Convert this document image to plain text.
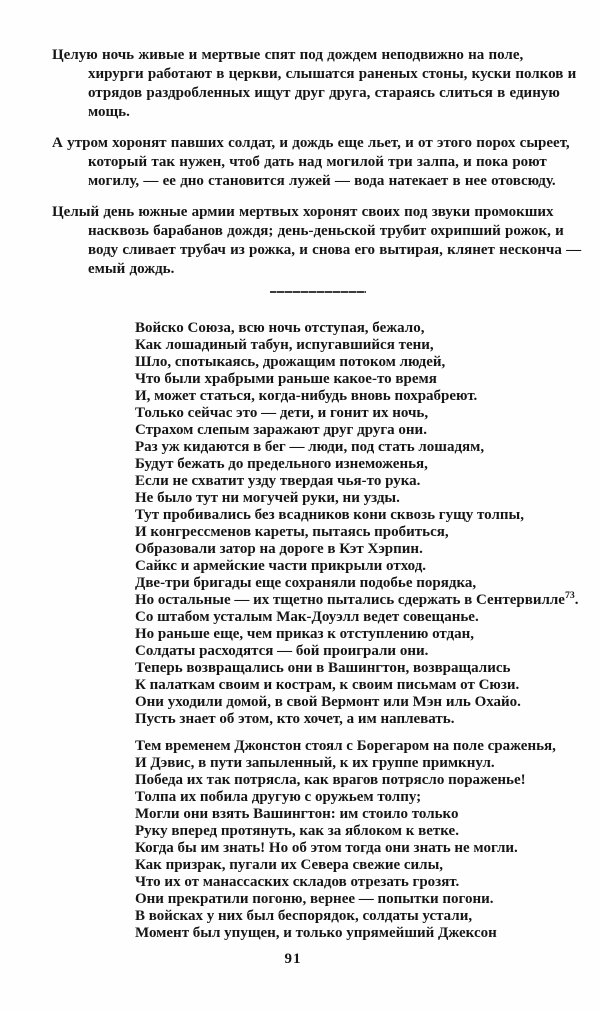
Целую ночь живые и мертвые спят под дождем неподвижно на поле,
хирурги работают в церкви, слышатся раненых стоны, куски полков и
отрядов раздробленных ищут друг друга, стараясь слиться в единую
мощь.
А утром хоронят павших солдат, и дождь еще льет, и от этого порох сыреет,
который так нужен, чтоб дать над могилой три залпа, и пока роют
могилу, — ее дно становится лужей — вода натекает в нее отовсюду.
Целый день южные армии мертвых хоронят своих под звуки промокших
насквозь барабанов дождя; день-деньской трубит охрипший рожок, и
воду сливает трубач из рожка, и снова его вытирая, клянет несконча —
емый дождь.
Войско Союза, всю ночь отступая, бежало,
Как лошадиный табун, испугавшийся тени,
Шло, спотыкаясь, дрожащим потоком людей,
Что были храбрыми раньше какое-то время
И, может статься, когда-нибудь вновь похрабреют.
Только сейчас это — дети, и гонит их ночь,
Страхом слепым заражают друг друга они.
Раз уж кидаются в бег — люди, под стать лошадям,
Будут бежать до предельного изнеможенья,
Если не схватит узду твердая чья-то рука.
Не было тут ни могучей руки, ни узды.
Тут пробивались без всадников кони сквозь гущу толпы,
И конгрессменов кареты, пытаясь пробиться,
Образовали затор на дороге в Кэт Хэрпин.
Сайкс и армейские части прикрыли отход.
Две-три бригады еще сохраняли подобье порядка,
Но остальные — их тщетно пытались сдержать в Сентервилле$^{73}$.
Со штабом усталым Мак-Доуэлл ведет совещанье.
Но раньше еще, чем приказ к отступлению отдан,
Солдаты расходятся — бой проиграли они.
Теперь возвращались они в Вашингтон, возвращались
К палаткам своим и кострам, к своим письмам от Сюзи.
Они уходили домой, в свой Вермонт или Мэн иль Охайо.
Пусть знает об этом, кто хочет, а им наплевать.
Тем временем Джонстон стоял с Борегаром на поле сраженья,
И Дэвис, в пути запыленный, к их группе примкнул.
Победа их так потрясла, как врагов потрясло пораженье!
Толпа их побила другую с оружьем толпу;
Могли они взять Вашингтон: им стоило только
Руку вперед протянуть, как за яблоком к ветке.
Когда бы им знать! Но об этом тогда они знать не могли.
Как призрак, пугали их Севера свежие силы,
Что их от манассаских складов отрезать грозят.
Они прекратили погоню, вернее — попытки погони.
В войсках у них был беспорядок, солдаты устали,
Момент был упущен, и только упрямейший Джексон
91
